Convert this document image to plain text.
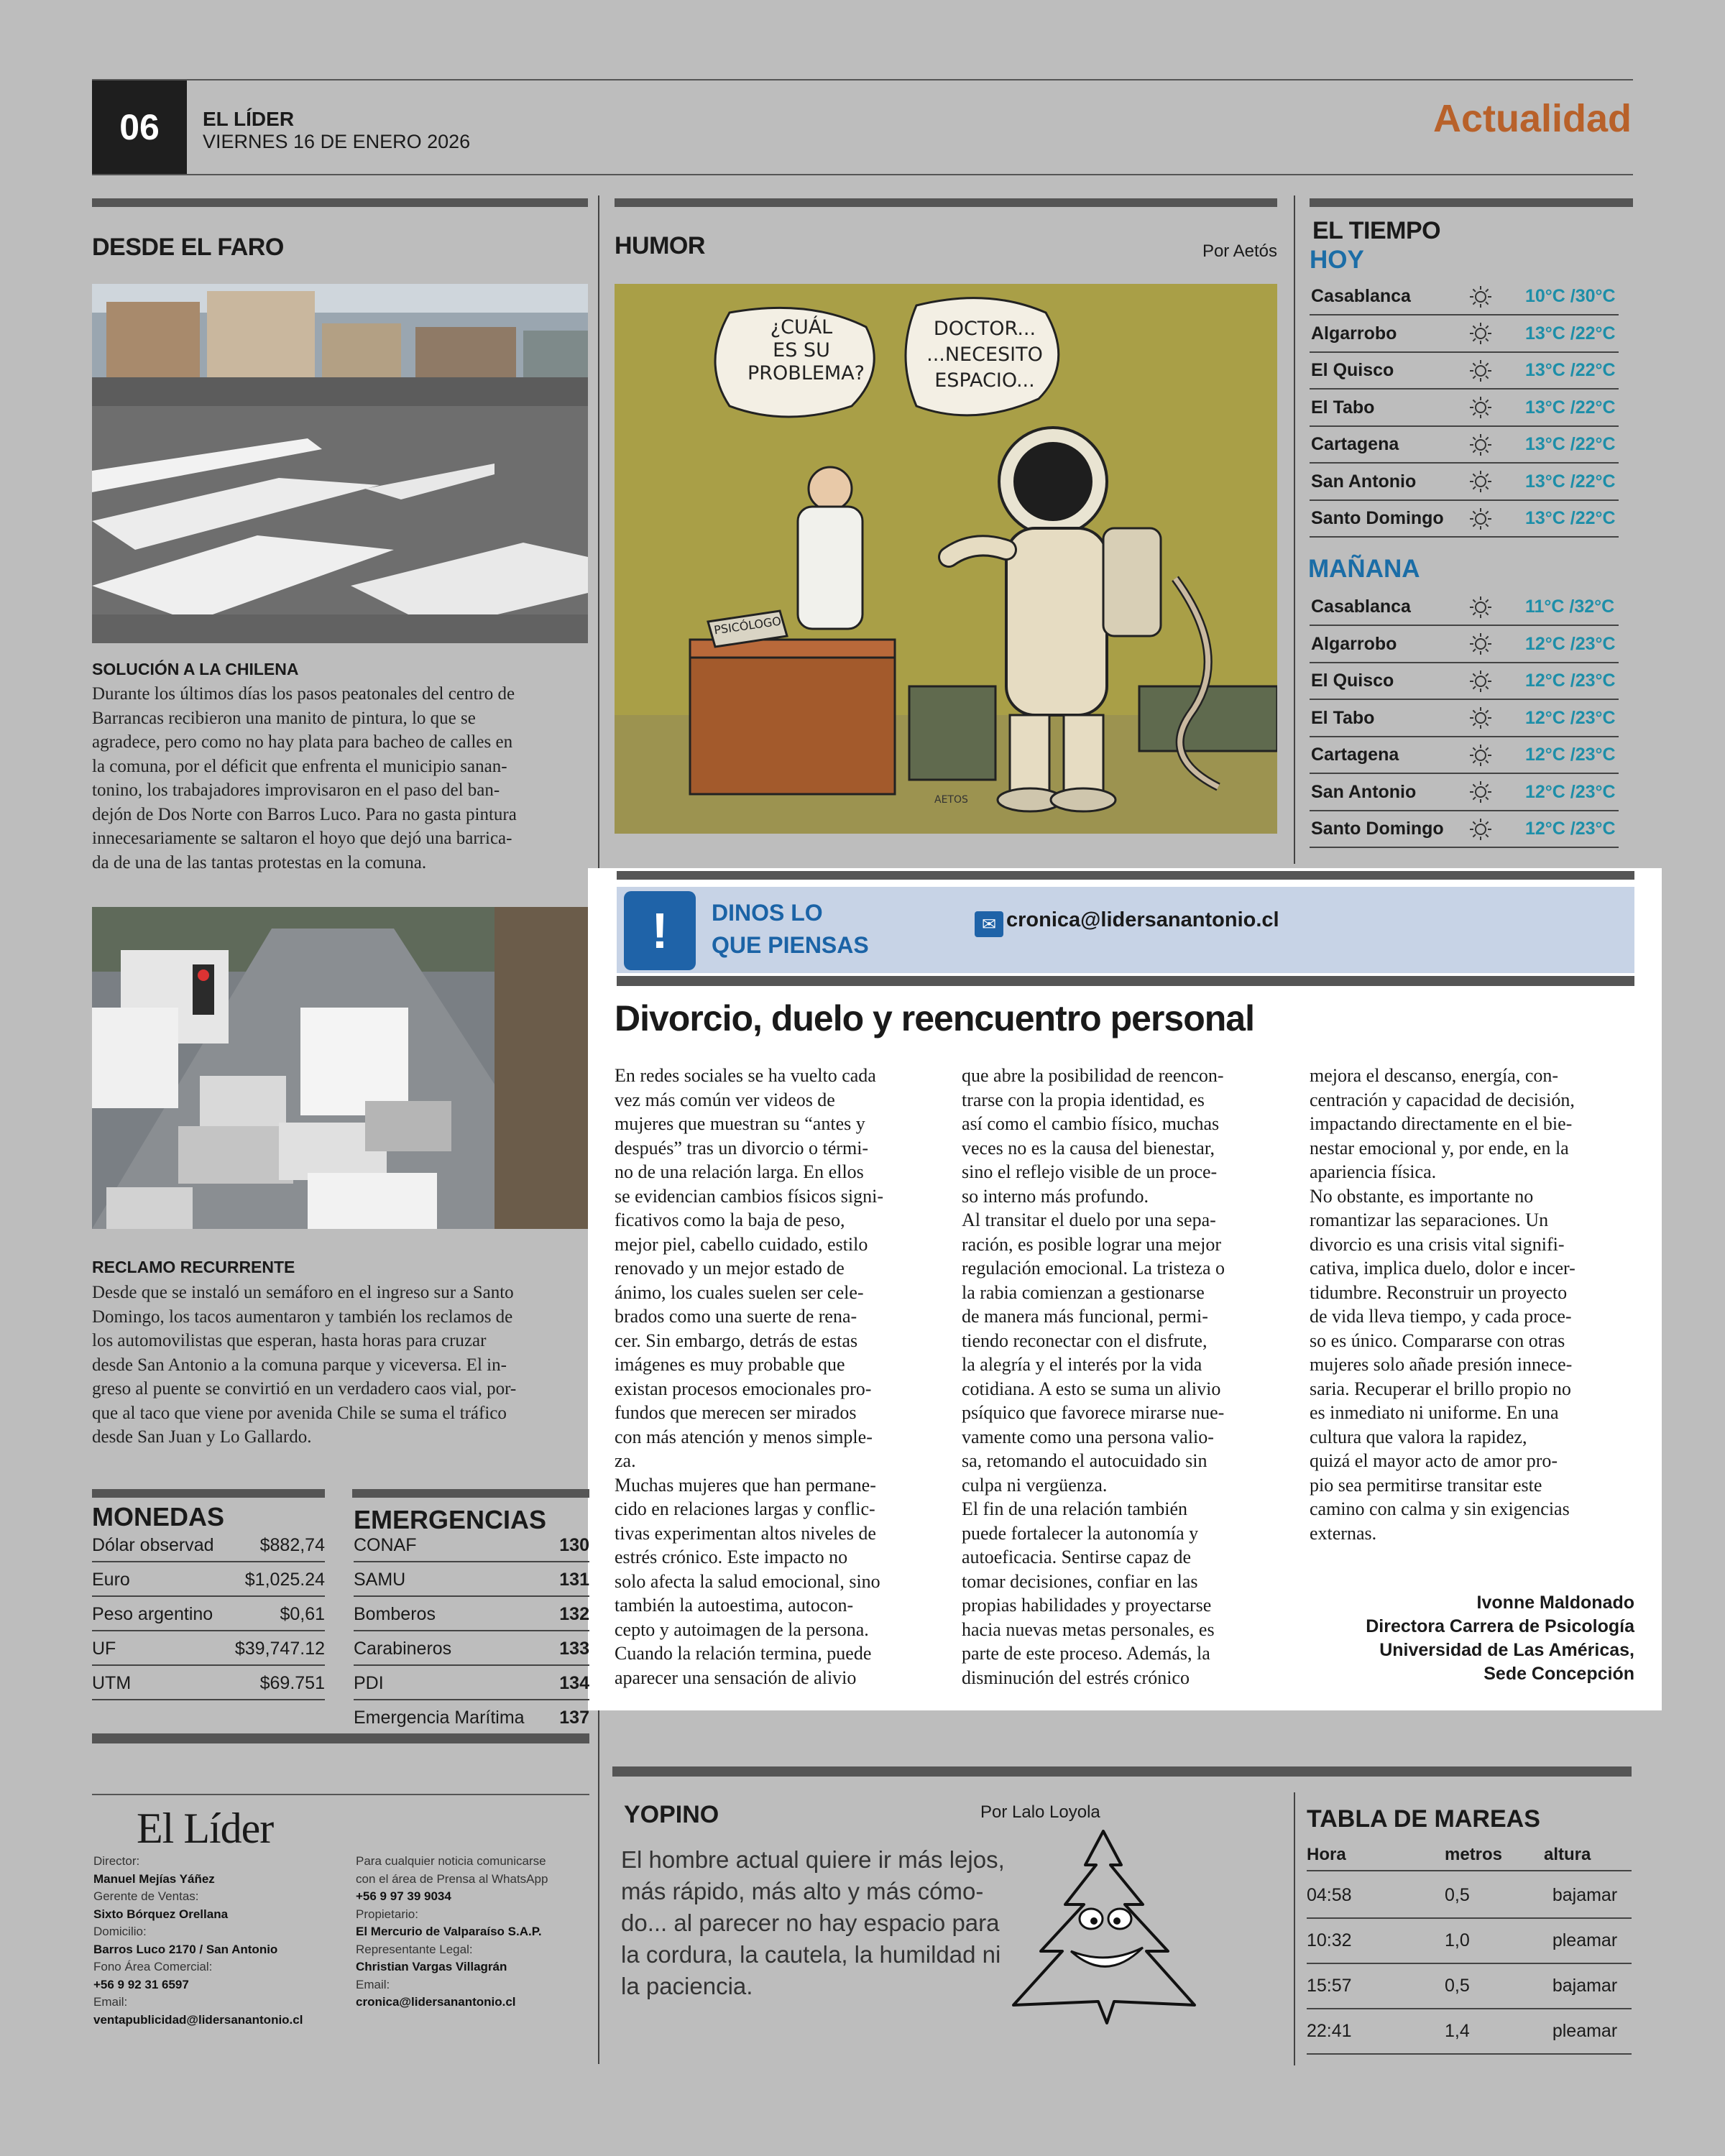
06	EL LÍDER
VIERNES 16 DE ENERO 2026
Actualidad
DESDE EL FARO
SOLUCIÓN A LA CHILENA
Durante los últimos días los pasos peatonales del centro de
Barrancas recibieron una manito de pintura, lo que se
agradece, pero como no hay plata para bacheo de calles en
la comuna, por el déficit que enfrenta el municipio sanan-
tonino, los trabajadores improvisaron en el paso del ban-
dejón de Dos Norte con Barros Luco. Para no gasta pintura
innecesariamente se saltaron el hoyo que dejó una barrica-
da de una de las tantas protestas en la comuna.
RECLAMO RECURRENTE
Desde que se instaló un semáforo en el ingreso sur a Santo
Domingo, los tacos aumentaron y también los reclamos de
los automovilistas que esperan, hasta horas para cruzar
desde San Antonio a la comuna parque y viceversa. El in-
greso al puente se convirtió en un verdadero caos vial, por-
que al taco que viene por avenida Chile se suma el tráfico
desde San Juan y Lo Gallardo.
HUMOR	Por Aetós
¿CUÁL
ES SU
PROBLEMA?
DOCTOR...
...NECESITO
ESPACIO...
PSICÓLOGO
AETOS
EL TIEMPO
HOY
MAÑANA
Casablanca	10°C /30°C
Algarrobo	13°C /22°C
El Quisco	13°C /22°C
El Tabo	13°C /22°C
Cartagena	13°C /22°C
San Antonio	13°C /22°C
Santo Domingo	13°C /22°C
Casablanca	11°C /32°C
Algarrobo	12°C /23°C
El Quisco	12°C /23°C
El Tabo	12°C /23°C
Cartagena	12°C /23°C
San Antonio	12°C /23°C
Santo Domingo	12°C /23°C
!	DINOS LO
QUE PIENSAS
✉ cronica@lidersanantonio.cl
Divorcio, duelo y reencuentro personal
En redes sociales se ha vuelto cada
vez más común ver videos de
mujeres que muestran su “antes y
después” tras un divorcio o térmi-
no de una relación larga. En ellos
se evidencian cambios físicos signi-
ficativos como la baja de peso,
mejor piel, cabello cuidado, estilo
renovado y un mejor estado de
ánimo, los cuales suelen ser cele-
brados como una suerte de rena-
cer. Sin embargo, detrás de estas
imágenes es muy probable que
existan procesos emocionales pro-
fundos que merecen ser mirados
con más atención y menos simple-
za.
Muchas mujeres que han permane-
cido en relaciones largas y conflic-
tivas experimentan altos niveles de
estrés crónico. Este impacto no
solo afecta la salud emocional, sino
también la autoestima, autocon-
cepto y autoimagen de la persona.
Cuando la relación termina, puede
aparecer una sensación de alivio
que abre la posibilidad de reencon-
trarse con la propia identidad, es
así como el cambio físico, muchas
veces no es la causa del bienestar,
sino el reflejo visible de un proce-
so interno más profundo.
Al transitar el duelo por una sepa-
ración, es posible lograr una mejor
regulación emocional. La tristeza o
la rabia comienzan a gestionarse
de manera más funcional, permi-
tiendo reconectar con el disfrute,
la alegría y el interés por la vida
cotidiana. A esto se suma un alivio
psíquico que favorece mirarse nue-
vamente como una persona valio-
sa, retomando el autocuidado sin
culpa ni vergüenza.
El fin de una relación también
puede fortalecer la autonomía y
autoeficacia. Sentirse capaz de
tomar decisiones, confiar en las
propias habilidades y proyectarse
hacia nuevas metas personales, es
parte de este proceso. Además, la
disminución del estrés crónico
mejora el descanso, energía, con-
centración y capacidad de decisión,
impactando directamente en el bie-
nestar emocional y, por ende, en la
apariencia física.
No obstante, es importante no
romantizar las separaciones. Un
divorcio es una crisis vital signifi-
cativa, implica duelo, dolor e incer-
tidumbre. Reconstruir un proyecto
de vida lleva tiempo, y cada proce-
so es único. Compararse con otras
mujeres solo añade presión innece-
saria. Recuperar el brillo propio no
es inmediato ni uniforme. En una
cultura que valora la rapidez,
quizá el mayor acto de amor pro-
pio sea permitirse transitar este
camino con calma y sin exigencias
externas.
Ivonne Maldonado
Directora Carrera de Psicología
Universidad de Las Américas,
Sede Concepción
MONEDAS
Dólar observad	$882,74
Euro	$1,025.24
Peso argentino	$0,61
UF	$39,747.12
UTM	$69.751
EMERGENCIAS
CONAF	130
SAMU	131
Bomberos	132
Carabineros	133
PDI	134
Emergencia Marítima 137
El Líder
Director:
Manuel Mejías Yáñez
Gerente de Ventas:
Sixto Bórquez Orellana
Domicilio:
Barros Luco 2170 / San Antonio
Fono Área Comercial:
+56 9 92 31 6597
Email:
ventapublicidad@lidersanantonio.cl
Para cualquier noticia comunicarse
con el área de Prensa al WhatsApp
+56 9 97 39 9034
Propietario:
El Mercurio de Valparaíso S.A.P.
Representante Legal:
Christian Vargas Villagrán
Email:
cronica@lidersanantonio.cl
YOPINO	Por Lalo Loyola
El hombre actual quiere ir más lejos,
más rápido, más alto y más cómo-
do... al parecer no hay espacio para
la cordura, la cautela, la humildad ni
la paciencia.
TABLA DE MAREAS
Hora	metros	altura
04:58	0,5	bajamar
10:32	1,0	pleamar
15:57	0,5	bajamar
22:41	1,4	pleamar
